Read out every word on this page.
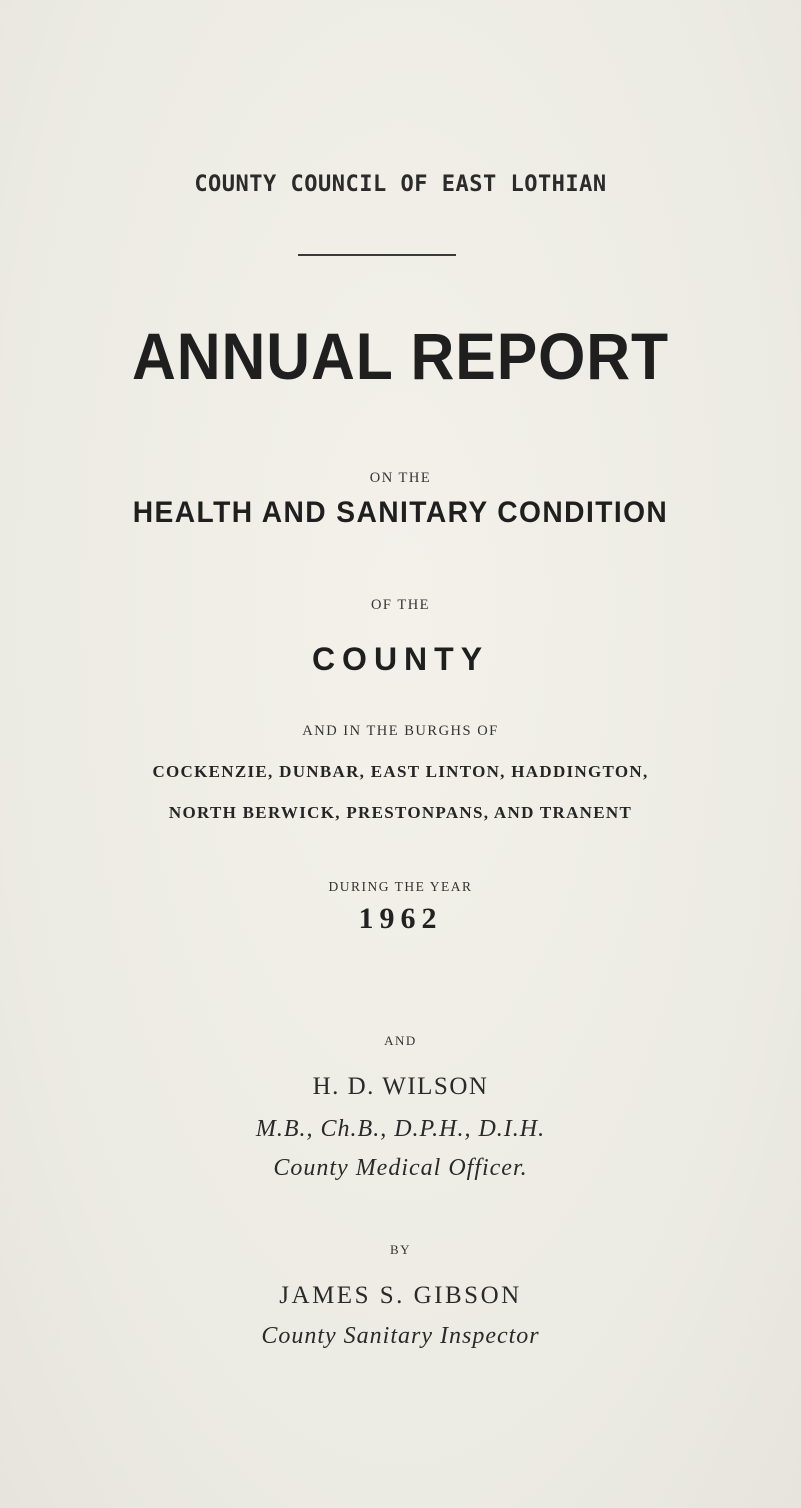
COUNTY COUNCIL OF EAST LOTHIAN
ANNUAL REPORT
ON THE
HEALTH AND SANITARY CONDITION
OF THE
COUNTY
AND IN THE BURGHS OF
COCKENZIE, DUNBAR, EAST LINTON, HADDINGTON,
NORTH BERWICK, PRESTONPANS, AND TRANENT
DURING THE YEAR
1962
AND
H. D. WILSON
M.B., Ch.B., D.P.H., D.I.H.
County Medical Officer.
BY
JAMES S. GIBSON
County Sanitary Inspector
